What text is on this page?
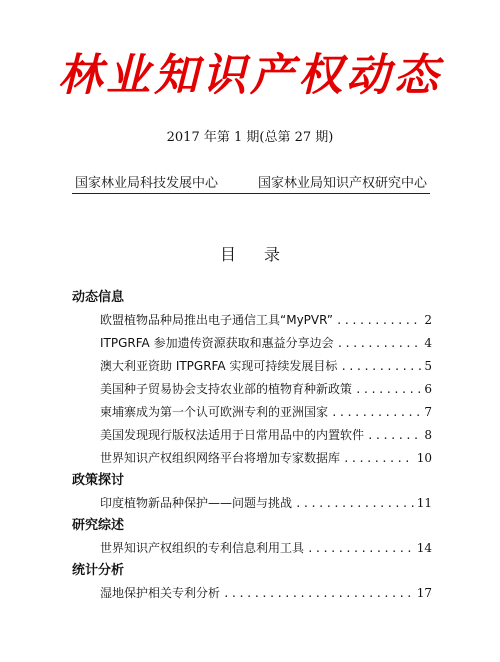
林业知识产权动态
2017 年第 1 期(总第 27 期)
国家林业局科技发展中心	国家林业局知识产权研究中心
目录
动态信息
欧盟植物品种局推出电子通信工具“MyPVR” .....	2
ITPGRFA 参加遗传资源获取和惠益分享边会 .....	4
澳大利亚资助 ITPGRFA 实现可持续发展目标 .....	5
美国种子贸易协会支持农业部的植物育种新政策 .....	6
柬埔寨成为第一个认可欧洲专利的亚洲国家 .....	7
美国发现现行版权法适用于日常用品中的内置软件 .....	8
世界知识产权组织网络平台将增加专家数据库 .....	10
政策探讨
印度植物新品种保护——问题与挑战 .....	11
研究综述
世界知识产权组织的专利信息利用工具 .....	14
统计分析
湿地保护相关专利分析 .....	17
